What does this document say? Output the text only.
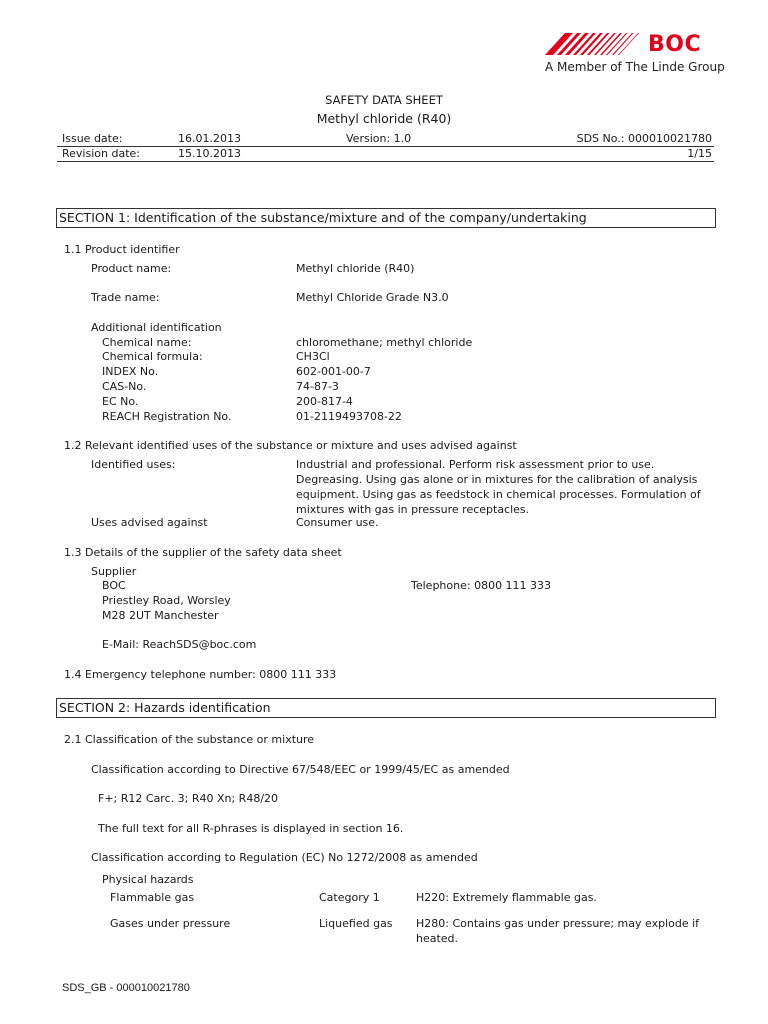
BOC
A Member of The Linde Group
SAFETY DATA SHEET
Methyl chloride (R40)
Issue date:	16.01.2013	Version: 1.0	SDS No.: 000010021780
Revision date:	15.10.2013	1/15
SECTION 1: Identification of the substance/mixture and of the company/undertaking
1.1 Product identifier
Product name:	Methyl chloride (R40)
Trade name:	Methyl Chloride Grade N3.0
Additional identification
Chemical name:	chloromethane; methyl chloride
Chemical formula:	CH3Cl
INDEX No.	602-001-00-7
CAS-No.	74-87-3
EC No.	200-817-4
REACH Registration No.	01-2119493708-22
1.2 Relevant identified uses of the substance or mixture and uses advised against
Identified uses:	Industrial and professional. Perform risk assessment prior to use.
Degreasing. Using gas alone or in mixtures for the calibration of analysis
equipment. Using gas as feedstock in chemical processes. Formulation of
mixtures with gas in pressure receptacles.
Uses advised against	Consumer use.
1.3 Details of the supplier of the safety data sheet
Supplier
BOC	Telephone: 0800 111 333
Priestley Road, Worsley
M28 2UT Manchester
E-Mail: ReachSDS@boc.com
1.4 Emergency telephone number: 0800 111 333
SECTION 2: Hazards identification
2.1 Classification of the substance or mixture
Classification according to Directive 67/548/EEC or 1999/45/EC as amended
F+; R12 Carc. 3; R40 Xn; R48/20
The full text for all R-phrases is displayed in section 16.
Classification according to Regulation (EC) No 1272/2008 as amended
Physical hazards
Flammable gas	Category 1	H220: Extremely flammable gas.
Gases under pressure	Liquefied gas H280: Contains gas under pressure; may explode if
heated.
SDS_GB - 000010021780
